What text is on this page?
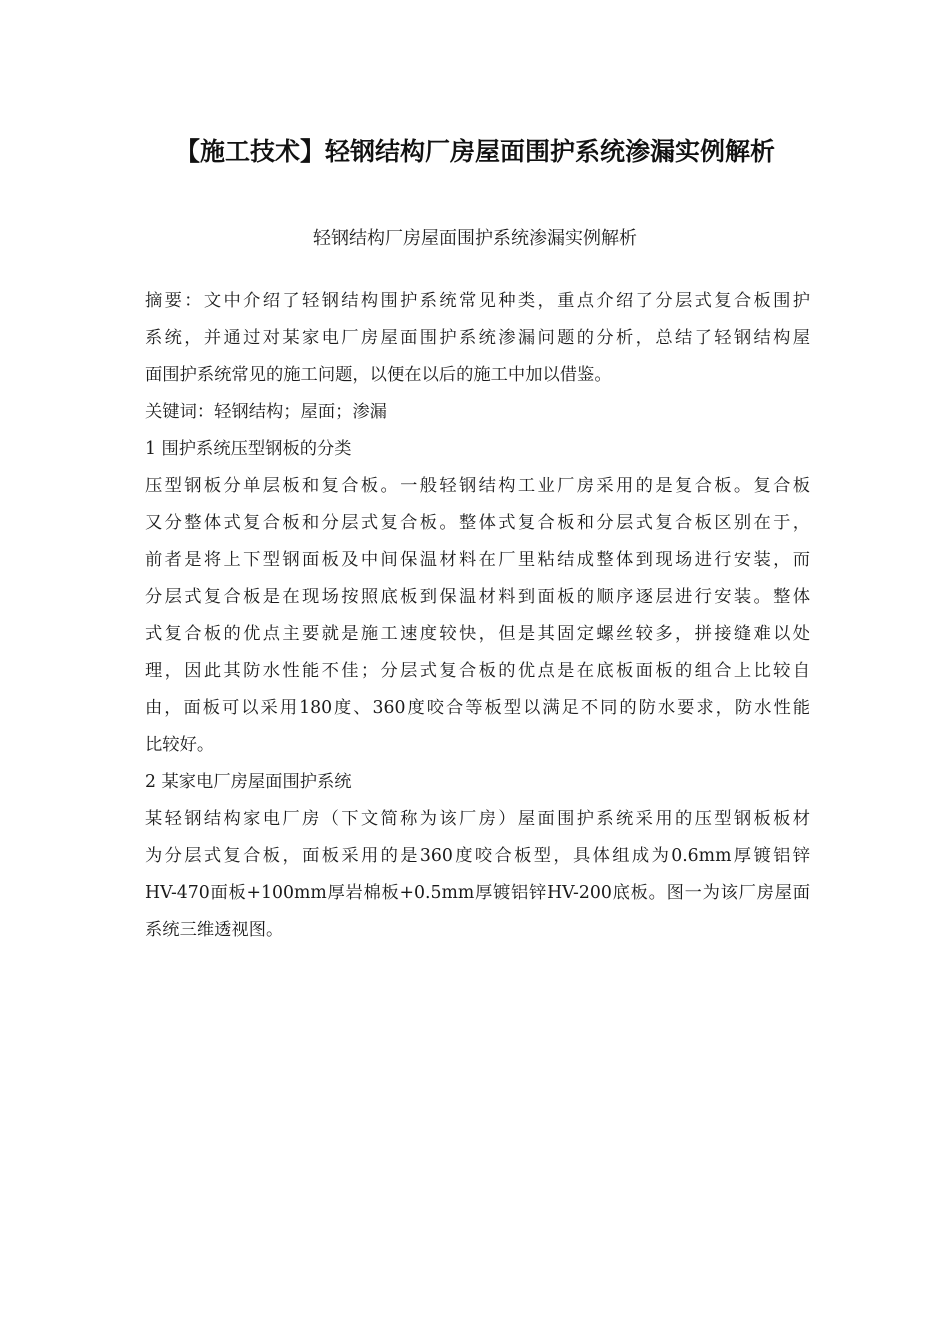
【施工技术】轻钢结构厂房屋面围护系统渗漏实例解析
轻钢结构厂房屋面围护系统渗漏实例解析
摘要：文中介绍了轻钢结构围护系统常见种类，重点介绍了分层式复合板围护
系统，并通过对某家电厂房屋面围护系统渗漏问题的分析，总结了轻钢结构屋
面围护系统常见的施工问题，以便在以后的施工中加以借鉴。
关键词：轻钢结构；屋面；渗漏
1 围护系统压型钢板的分类
压型钢板分单层板和复合板。一般轻钢结构工业厂房采用的是复合板。复合板
又分整体式复合板和分层式复合板。整体式复合板和分层式复合板区别在于，
前者是将上下型钢面板及中间保温材料在厂里粘结成整体到现场进行安装，而
分层式复合板是在现场按照底板到保温材料到面板的顺序逐层进行安装。整体
式复合板的优点主要就是施工速度较快，但是其固定螺丝较多，拼接缝难以处
理，因此其防水性能不佳；分层式复合板的优点是在底板面板的组合上比较自
由，面板可以采用180度、360度咬合等板型以满足不同的防水要求，防水性能
比较好。
2 某家电厂房屋面围护系统
某轻钢结构家电厂房（下文简称为该厂房）屋面围护系统采用的压型钢板板材
为分层式复合板，面板采用的是360度咬合板型，具体组成为0.6mm厚镀铝锌
HV-470面板+100mm厚岩棉板+0.5mm厚镀铝锌HV-200底板。图一为该厂房屋面
系统三维透视图。
